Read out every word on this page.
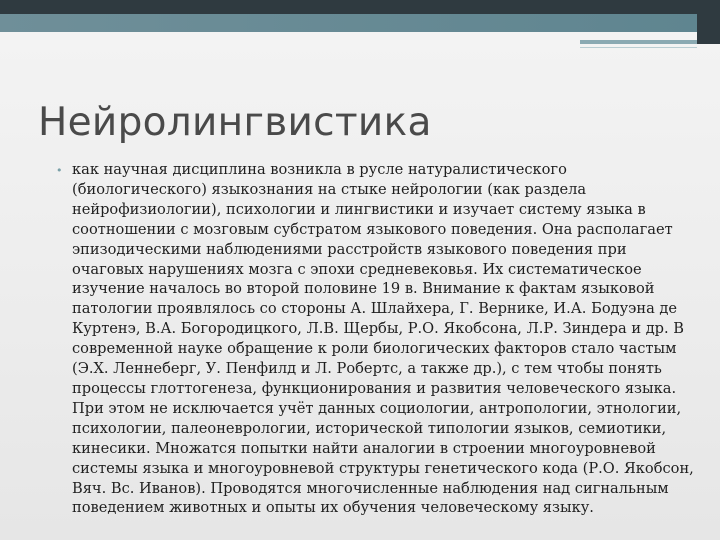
Нейролингвистика
• как научная дисциплина возникла в русле натуралистического
(биологического) языкознания на стыке нейрологии (как раздела
нейрофизиологии), психологии и лингвистики и изучает систему языка в
соотношении с мозговым субстратом языкового поведения. Она располагает
эпизодическими наблюдениями расстройств языкового поведения при
очаговых нарушениях мозга с эпохи средневековья. Их систематическое
изучение началось во второй половине 19 в. Внимание к фактам языковой
патологии проявлялось со стороны А. Шлайхера, Г. Вернике, И.А. Бодуэна де
Куртенэ, В.А. Богородицкого, Л.В. Щербы, Р.О. Якобсона, Л.Р. Зиндера и др. В
современной науке обращение к роли биологических факторов стало частым
(Э.Х. Леннеберг, У. Пенфилд и Л. Робертс, а также др.), с тем чтобы понять
процессы глоттогенеза, функционирования и развития человеческого языка.
При этом не исключается учёт данных социологии, антропологии, этнологии,
психологии, палеоневрологии, исторической типологии языков, семиотики,
кинесики. Множатся попытки найти аналогии в строении многоуровневой
системы языка и многоуровневой структуры генетического кода (Р.О. Якобсон,
Вяч. Вс. Иванов). Проводятся многочисленные наблюдения над сигнальным
поведением животных и опыты их обучения человеческому языку.
